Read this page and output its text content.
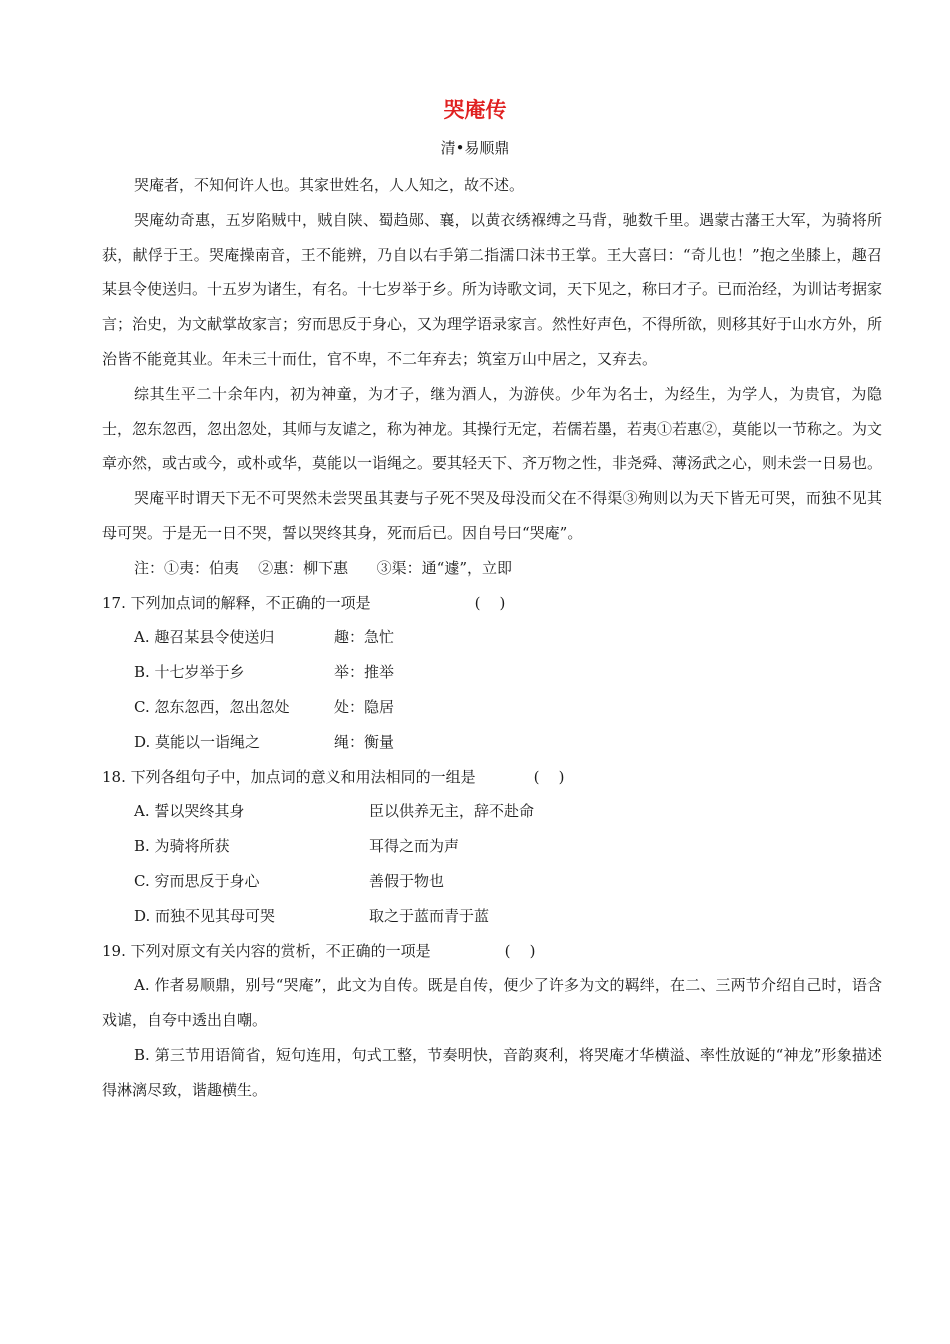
哭庵传
清•易顺鼎

哭庵者，不知何许人也。其家世姓名，人人知之，故不述。

哭庵幼奇惠，五岁陷贼中，贼自陕、蜀趋郧、襄，以黄衣绣褓缚之马背，驰数千里。遇蒙古藩王大军，为骑将所获，献俘于王。哭庵操南音，王不能辨，乃自以右手第二指濡口沫书王掌。王大喜曰：“奇儿也！”抱之坐膝上，趣召某县令使送归。十五岁为诸生，有名。十七岁举于乡。所为诗歌文词，天下见之，称曰才子。已而治经，为训诂考据家言；治史，为文献掌故家言；穷而思反于身心，又为理学语录家言。然性好声色，不得所欲，则移其好于山水方外，所治皆不能竟其业。年未三十而仕，官不卑，不二年弃去；筑室万山中居之，又弃去。

综其生平二十余年内，初为神童，为才子，继为酒人，为游侠。少年为名士，为经生，为学人，为贵官，为隐士，忽东忽西，忽出忽处，其师与友谑之，称为神龙。其操行无定，若儒若墨，若夷①若惠②，莫能以一节称之。为文章亦然，或古或今，或朴或华，莫能以一诣绳之。要其轻天下、齐万物之性，非尧舜、薄汤武之心，则未尝一日易也。

哭庵平时谓天下无不可哭然未尝哭虽其妻与子死不哭及母没而父在不得渠③殉则以为天下皆无可哭，而独不见其母可哭。于是无一日不哭，誓以哭终其身，死而后已。因自号曰“哭庵”。

注：①夷：伯夷    ②惠：柳下惠      ③渠：通“遽”，立即

17. 下列加点词的解释，不正确的一项是	(    )

A. 趣召某县令使送归	趣：急忙

B. 十七岁举于乡	举：推举

C. 忽东忽西，忽出忽处	处：隐居

D. 莫能以一诣绳之	绳：衡量

18. 下列各组句子中，加点词的意义和用法相同的一组是	(    )

A. 誓以哭终其身	臣以供养无主，辞不赴命

B. 为骑将所获	耳得之而为声

C. 穷而思反于身心	善假于物也

D. 而独不见其母可哭	取之于蓝而青于蓝

19. 下列对原文有关内容的赏析，不正确的一项是	(    )

A. 作者易顺鼎，别号“哭庵”，此文为自传。既是自传，便少了许多为文的羁绊，在二、三两节介绍自己时，语含戏谑，自夸中透出自嘲。

B. 第三节用语简省，短句连用，句式工整，节奏明快，音韵爽利，将哭庵才华横溢、率性放诞的“神龙”形象描述得淋漓尽致，谐趣横生。
